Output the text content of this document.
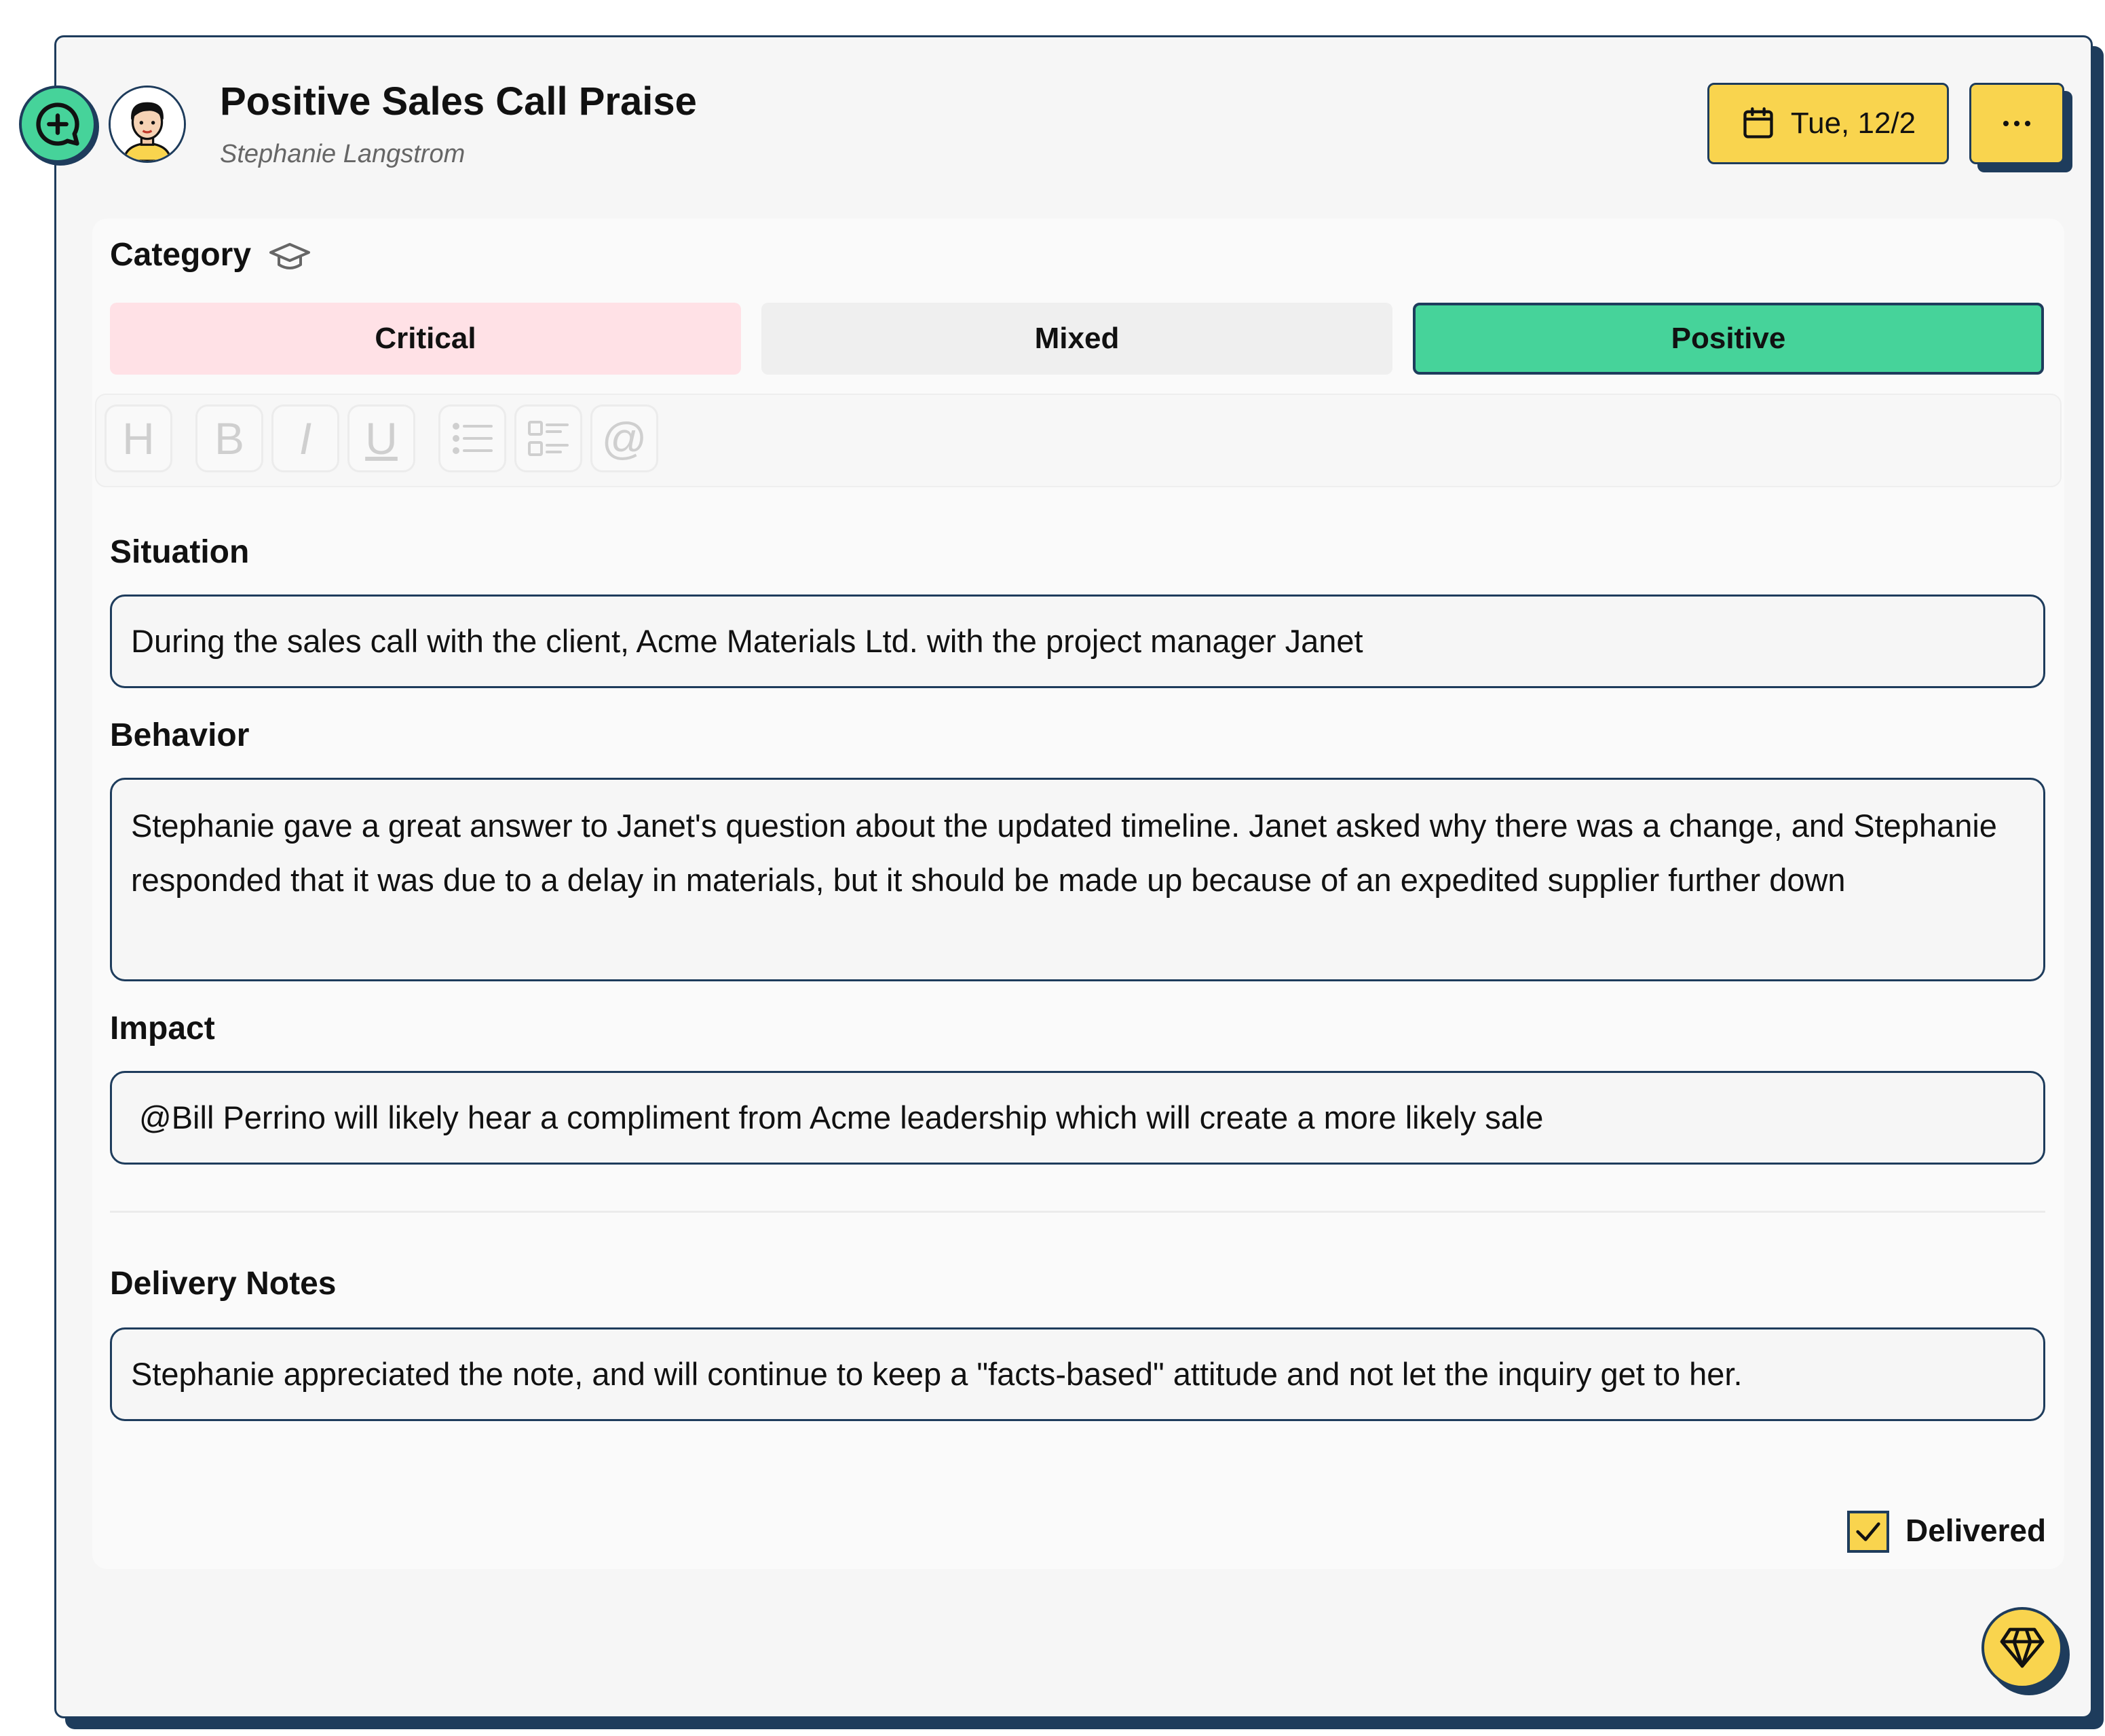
Positive Sales Call Praise
Stephanie Langstrom
Tue, 12/2
Category
Critical	Mixed	Positive
H	B	I	U	@
Situation
During the sales call with the client, Acme Materials Ltd. with the project manager Janet
Behavior
Stephanie gave a great answer to Janet's question about the updated timeline. Janet asked why there was a change, and Stephanie responded that it was due to a delay in materials, but it should be made up because of an expedited supplier further down
Impact
@Bill Perrino will likely hear a compliment from Acme leadership which will create a more likely sale
Delivery Notes
Stephanie appreciated the note, and will continue to keep a "facts-based" attitude and not let the inquiry get to her.
Delivered
